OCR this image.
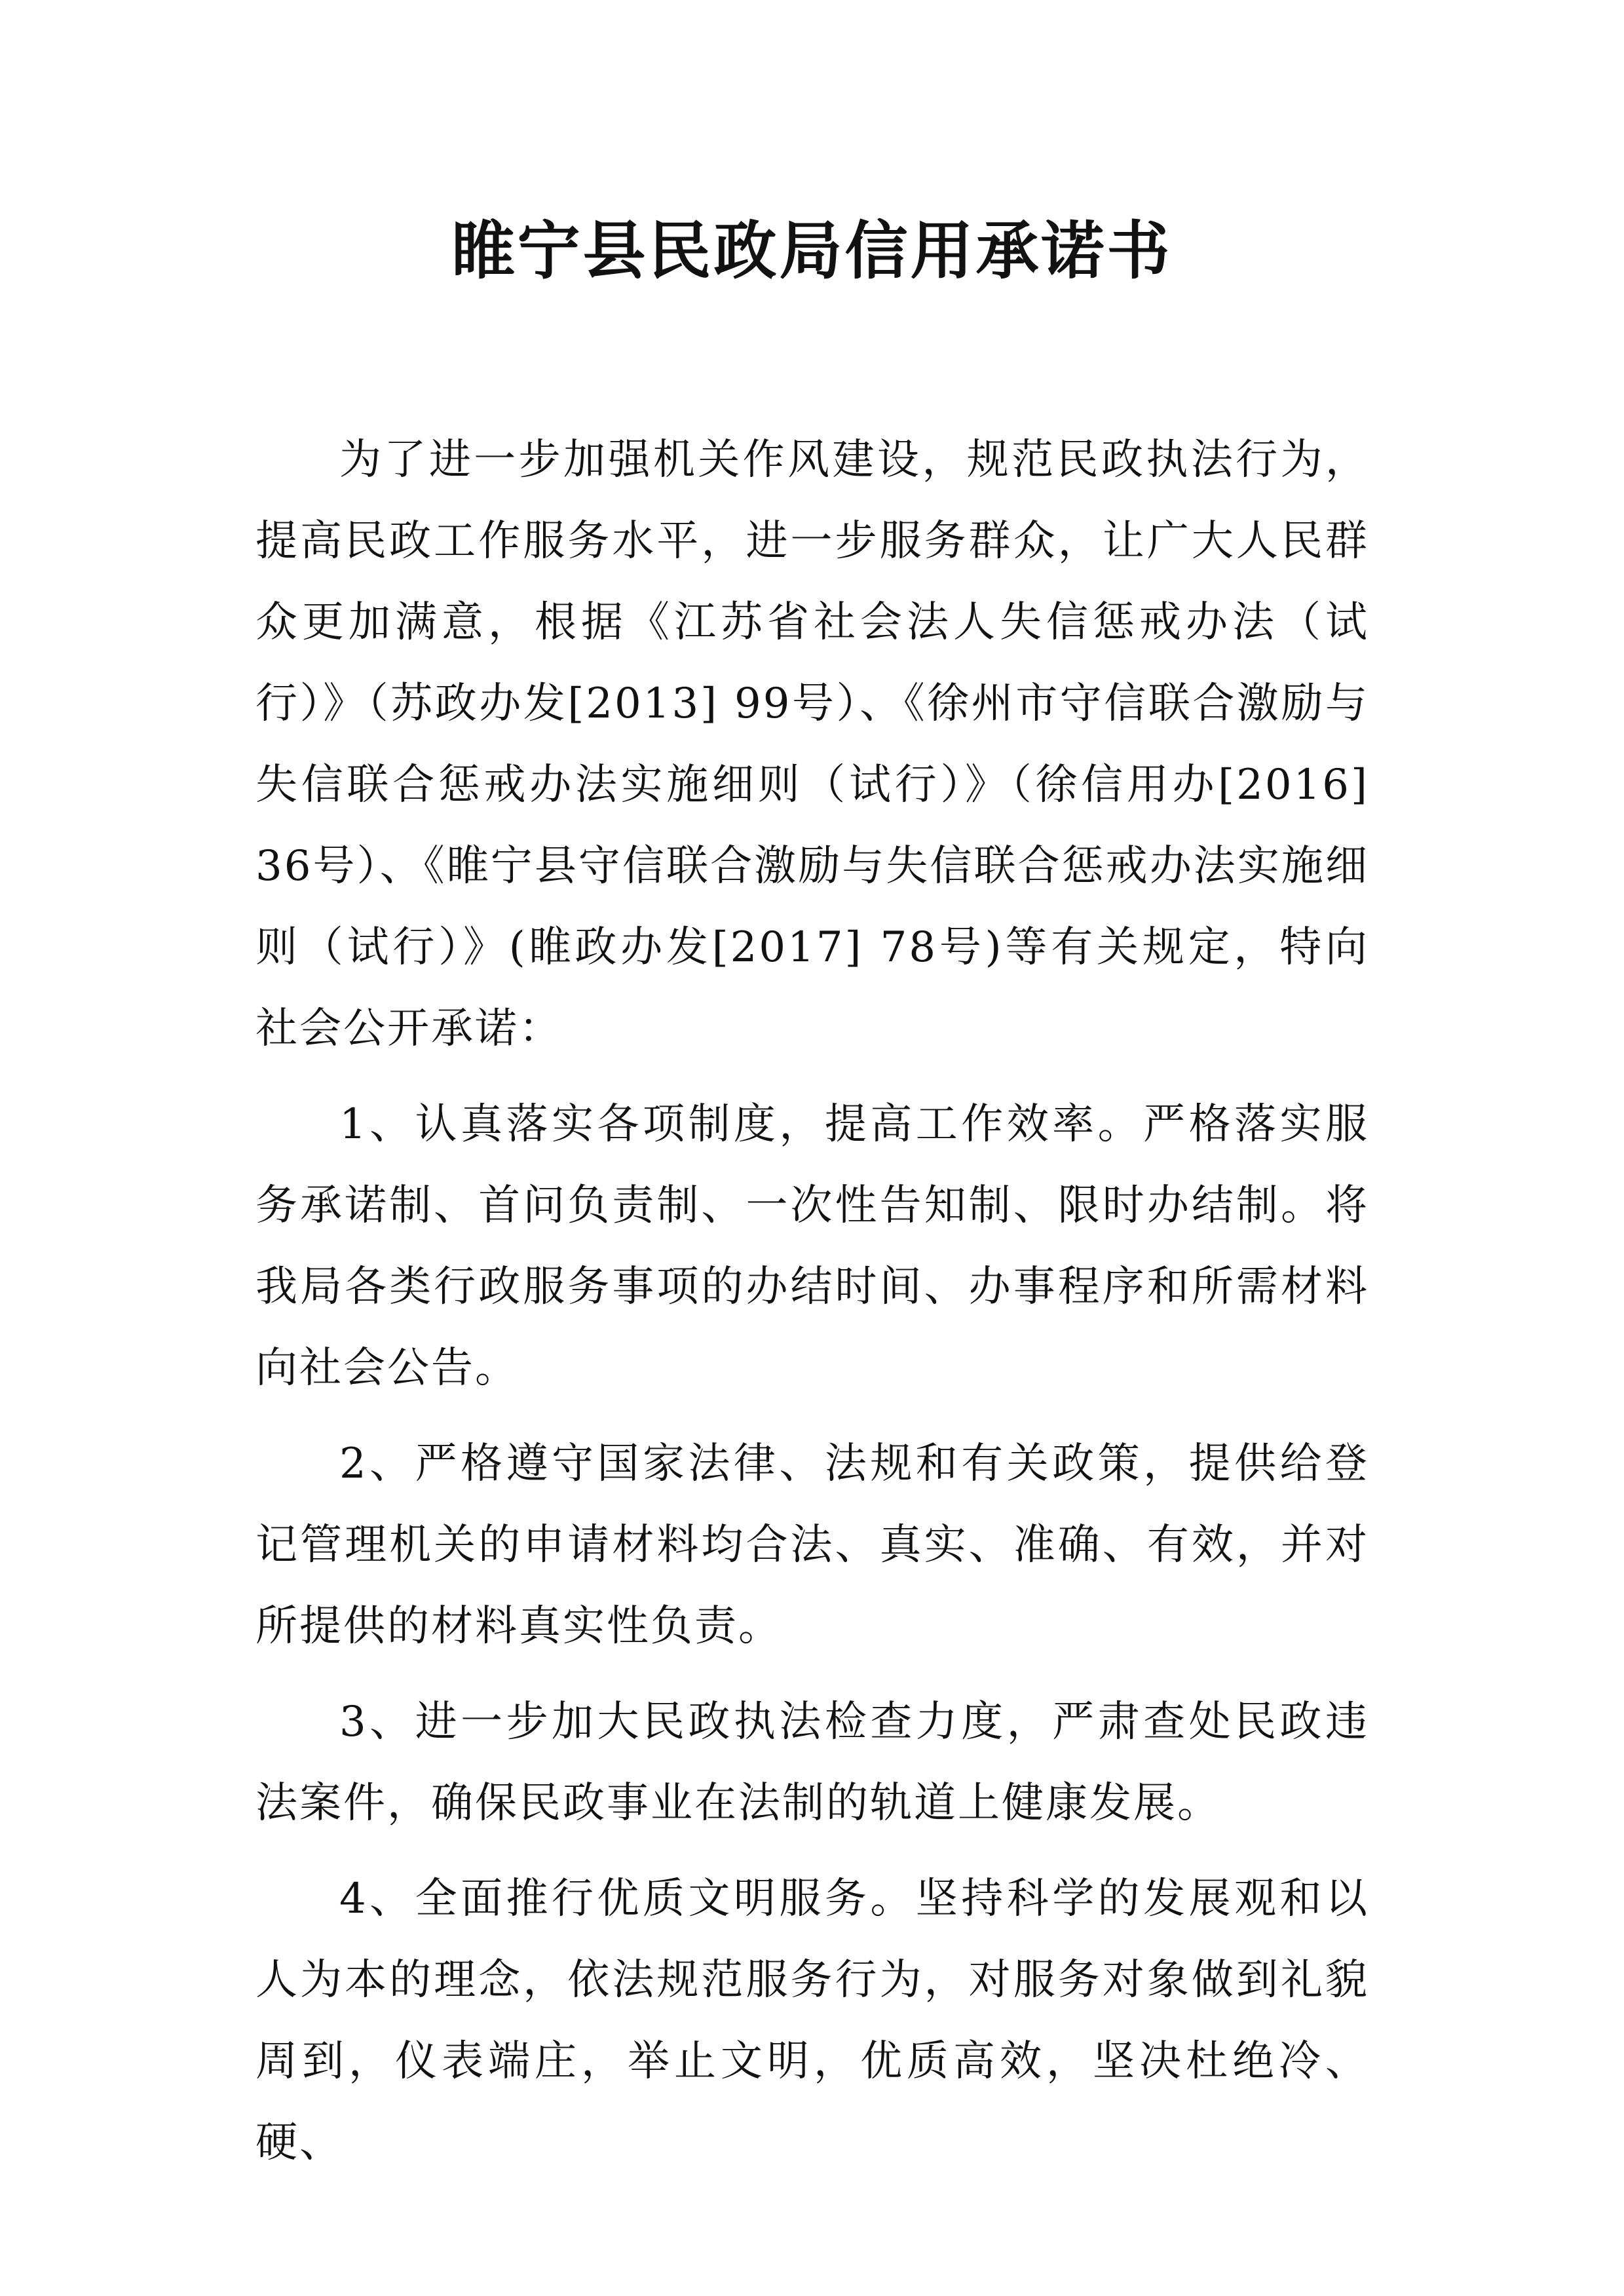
睢宁县民政局信用承诺书

为了进一步加强机关作风建设，规范民政执法行为，提高民政工作服务水平，进一步服务群众，让广大人民群众更加满意，根据《江苏省社会法人失信惩戒办法（试行）》（苏政办发[2013] 99号）、《徐州市守信联合激励与失信联合惩戒办法实施细则（试行）》（徐信用办[2016] 36号）、《睢宁县守信联合激励与失信联合惩戒办法实施细则（试行）》(睢政办发[2017] 78号)等有关规定，特向社会公开承诺：

1、认真落实各项制度，提高工作效率。严格落实服务承诺制、首问负责制、一次性告知制、限时办结制。将我局各类行政服务事项的办结时间、办事程序和所需材料向社会公告。

2、严格遵守国家法律、法规和有关政策，提供给登记管理机关的申请材料均合法、真实、准确、有效，并对所提供的材料真实性负责。

3、进一步加大民政执法检查力度，严肃查处民政违法案件，确保民政事业在法制的轨道上健康发展。

4、全面推行优质文明服务。坚持科学的发展观和以人为本的理念，依法规范服务行为，对服务对象做到礼貌周到，仪表端庄，举止文明，优质高效，坚决杜绝冷、硬、
